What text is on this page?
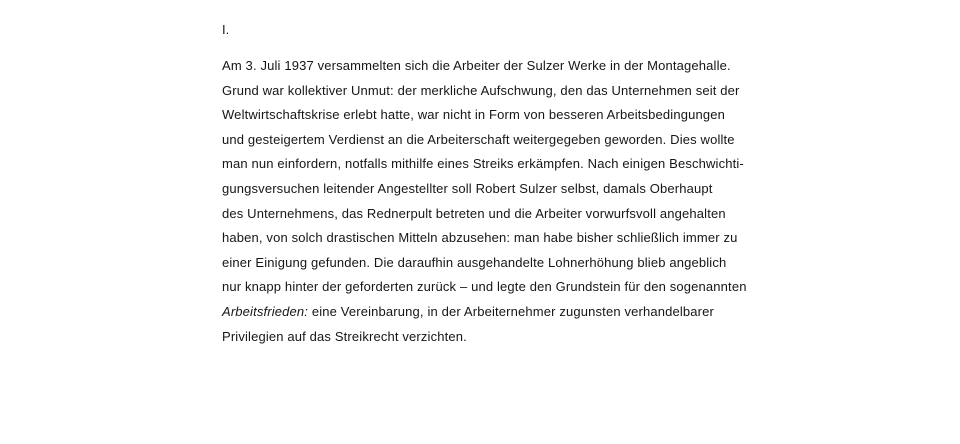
I.
Am 3. Juli 1937 versammelten sich die Arbeiter der Sulzer Werke in der Montagehalle.
Grund war kollektiver Unmut: der merkliche Aufschwung, den das Unternehmen seit der
Weltwirtschaftskrise erlebt hatte, war nicht in Form von besseren Arbeitsbedingungen
und gesteigertem Verdienst an die Arbeiterschaft weitergegeben geworden. Dies wollte
man nun einfordern, notfalls mithilfe eines Streiks erkämpfen. Nach einigen Beschwichti-
gungsversuchen leitender Angestellter soll Robert Sulzer selbst, damals Oberhaupt
des Unternehmens, das Rednerpult betreten und die Arbeiter vorwurfsvoll angehalten
haben, von solch drastischen Mitteln abzusehen: man habe bisher schließlich immer zu
einer Einigung gefunden. Die daraufhin ausgehandelte Lohnerhöhung blieb angeblich
nur knapp hinter der geforderten zurück – und legte den Grundstein für den sogenannten
Arbeitsfrieden: eine Vereinbarung, in der Arbeiternehmer zugunsten verhandelbarer
Privilegien auf das Streikrecht verzichten.
